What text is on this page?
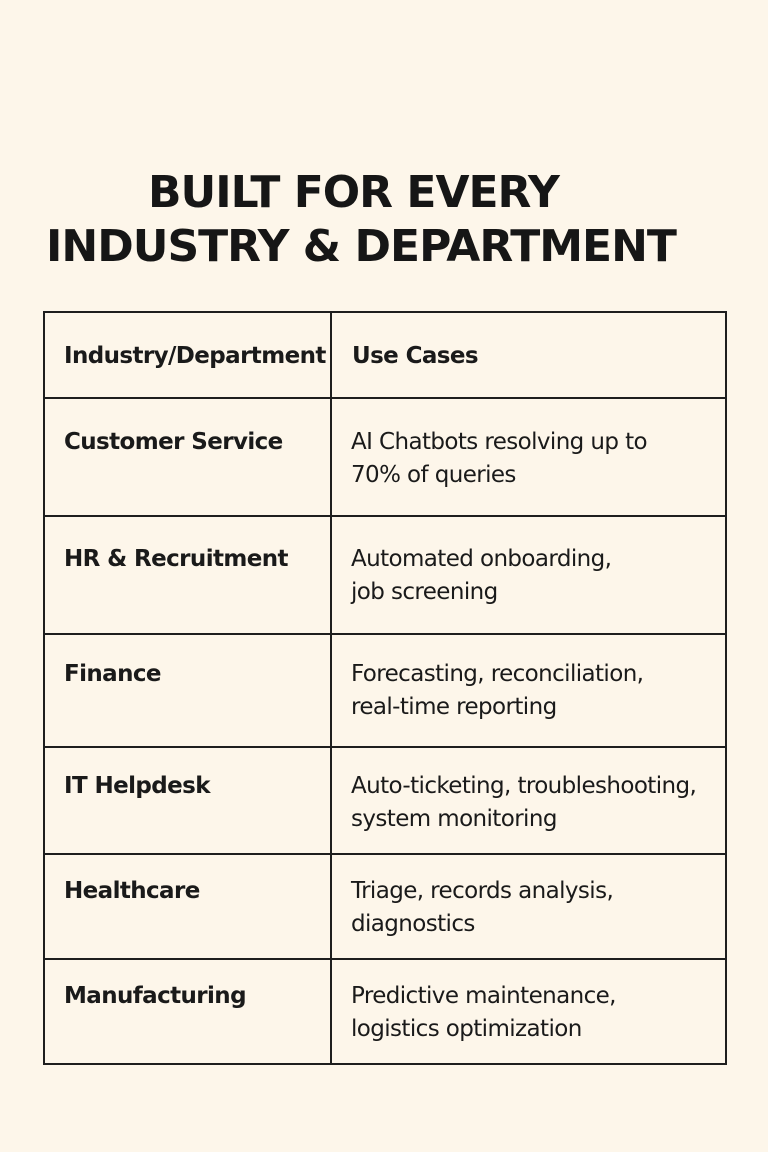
BUILT FOR EVERY
INDUSTRY & DEPARTMENT
Industry/Department	Use Cases
Customer Service	AI Chatbots resolving up to
70% of queries

HR & Recruitment	Automated onboarding,
job screening

Finance	Forecasting, reconciliation,
real-time reporting

IT Helpdesk	Auto-ticketing, troubleshooting,
system monitoring

Healthcare	Triage, records analysis,
diagnostics

Manufacturing	Predictive maintenance,
logistics optimization
